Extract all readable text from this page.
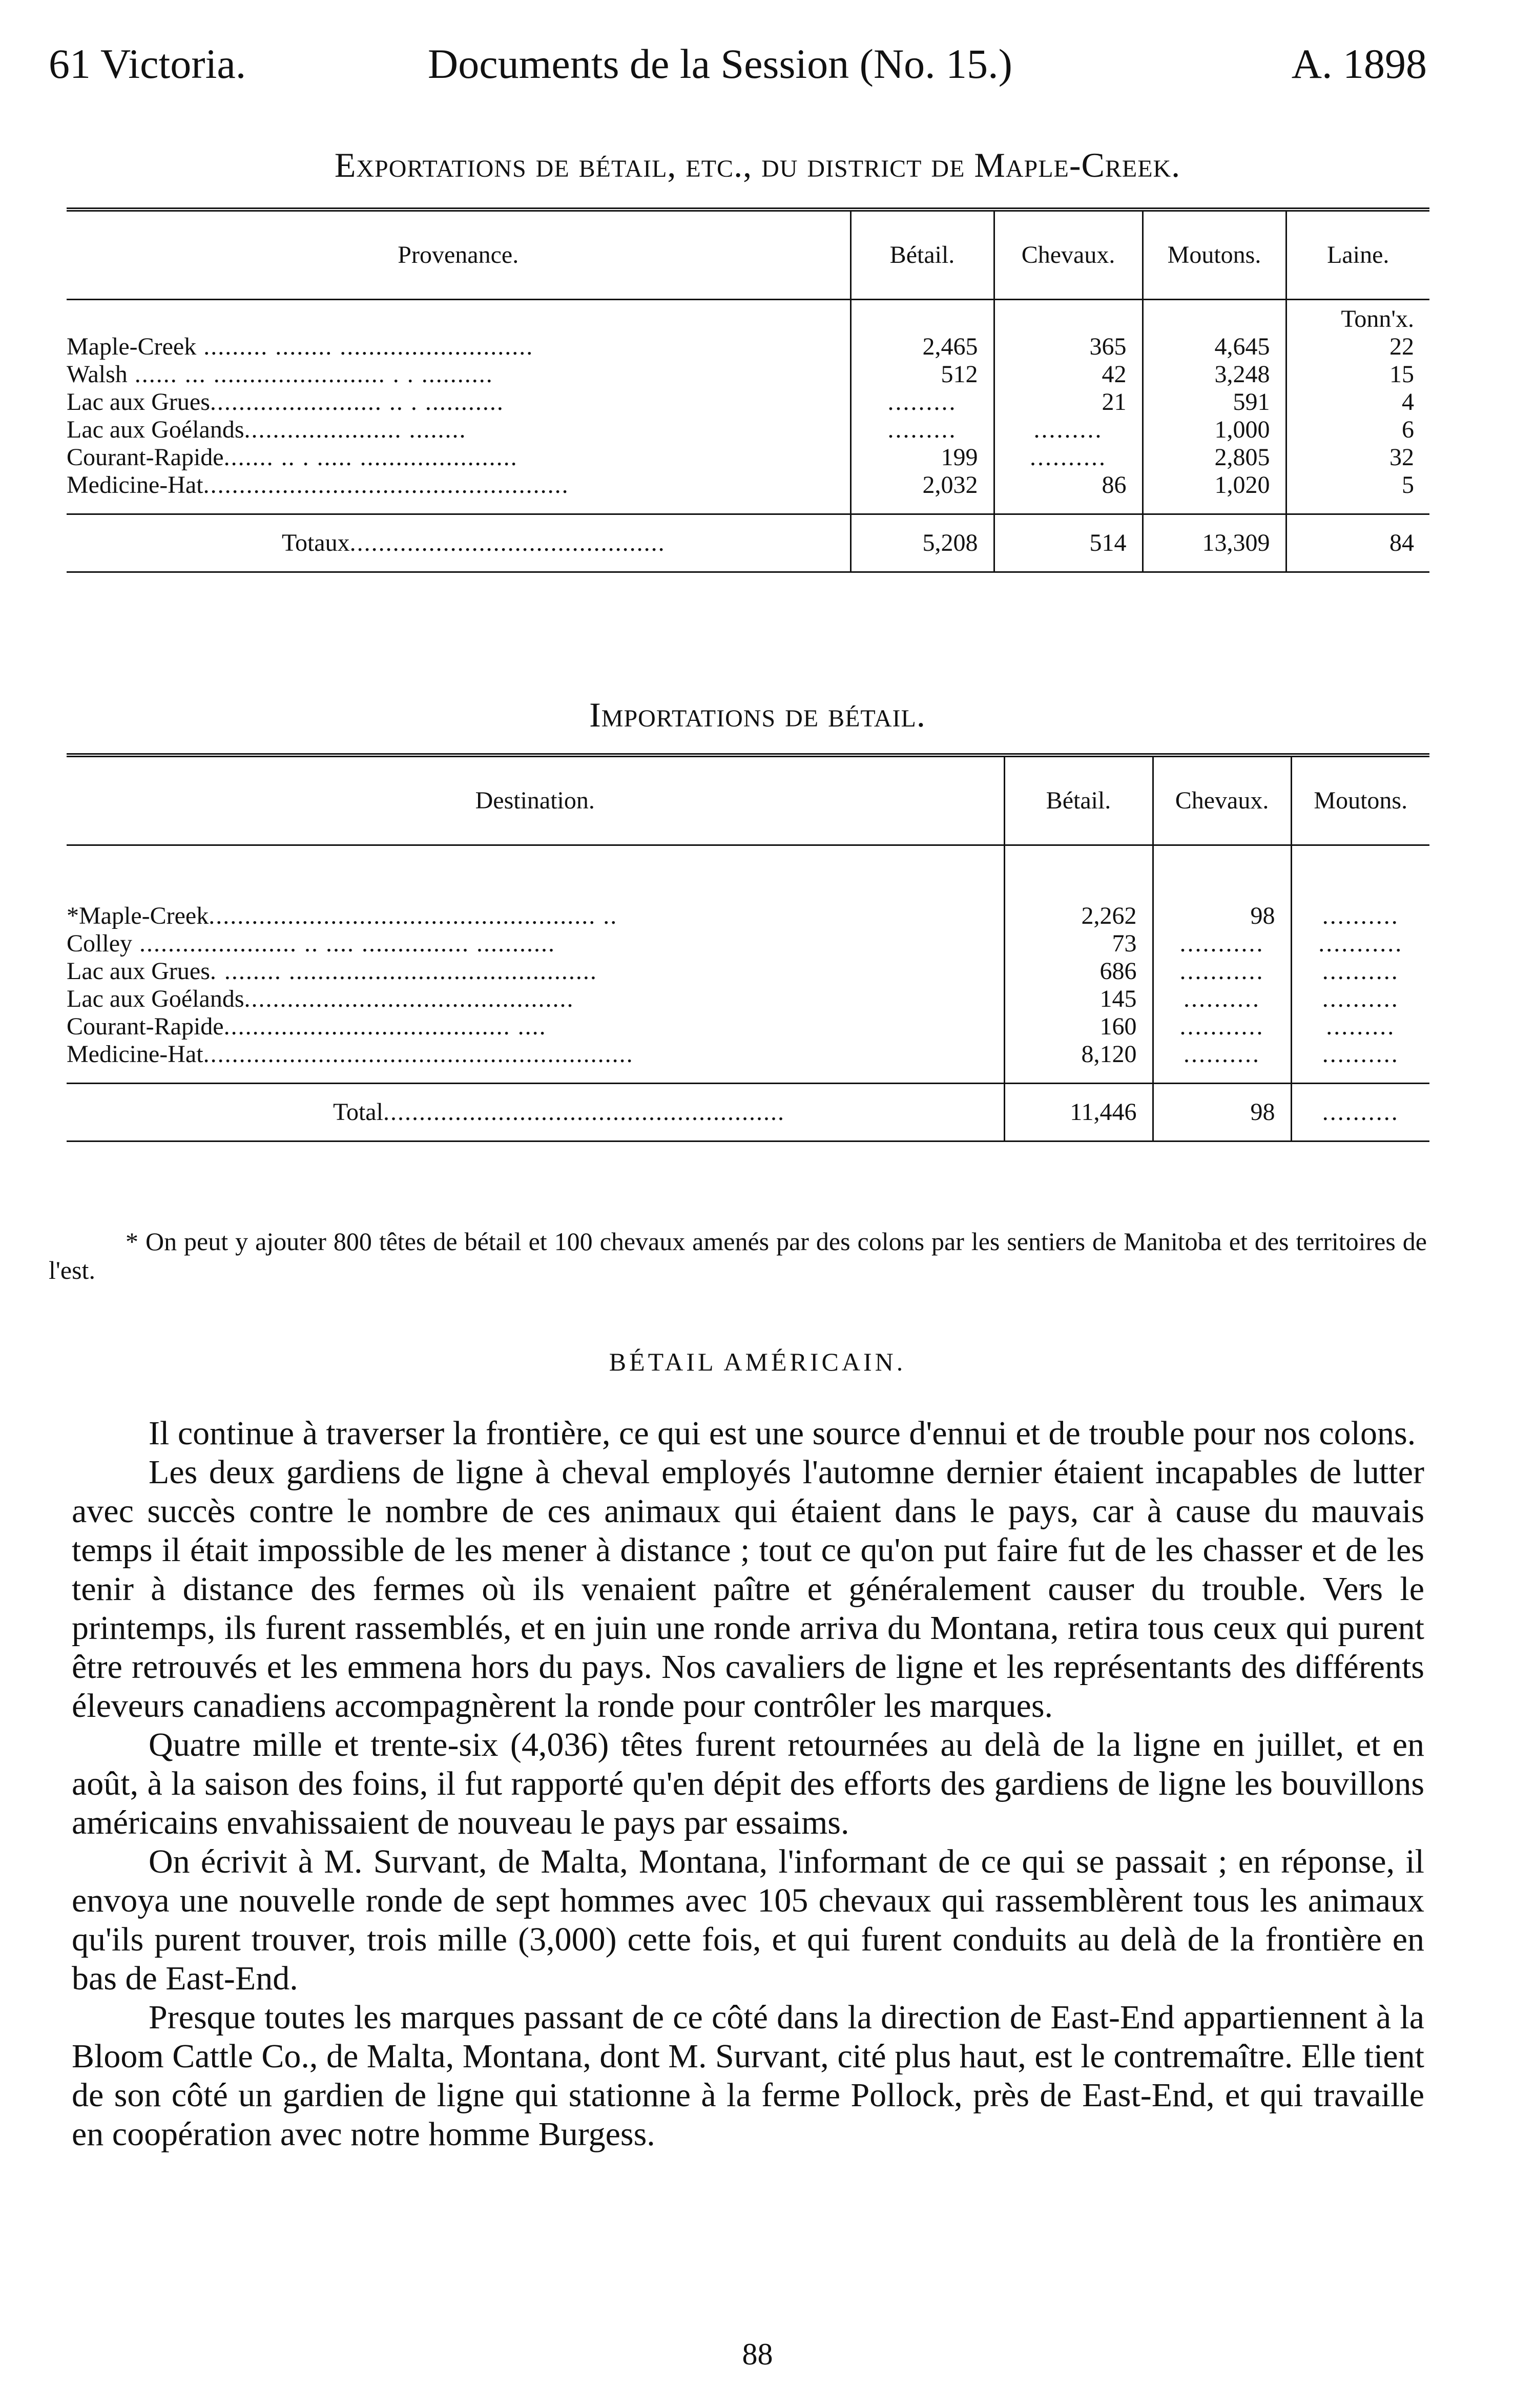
61 Victoria.	Documents de la Session (No. 15.)	A. 1898
Exportations de bétail, etc., du district de Maple-Creek.
Provenance.	Bétail.	Chevaux.	Moutons.	Laine.
				Tonn'x.
Maple-Creek ......... ........ ...........................	2,465	365	4,645	22
Walsh ...... ... ........................ . . ..........	512	42	3,248	15
Lac aux Grues........................ .. . ...........	.........	21	591	4
Lac aux Goélands...................... ........	.........	.........	1,000	6
Courant-Rapide....... .. . ..... ......................	199	..........	2,805	32
Medicine-Hat...................................................	2,032	86	1,020	5

Totaux............................................	5,208	514	13,309	84
Importations de bétail.
Destination.	Bétail.	Chevaux.	Moutons.

*Maple-Creek...................................................... ..	2,262	98	..........
Colley ...................... .. .... ............... ...........	73	...........	...........
Lac aux Grues. ........ ...........................................	686	...........	..........
Lac aux Goélands..............................................	145	..........	..........
Courant-Rapide........................................ ....	160	...........	.........
Medicine-Hat............................................................	8,120	..........	..........

Total........................................................	11,446	98	..........
* On peut y ajouter 800 têtes de bétail et 100 chevaux amenés par des colons par les sentiers de Manitoba et des territoires de l'est.
BÉTAIL AMÉRICAIN.

Il continue à traverser la frontière, ce qui est une source d'ennui et de trouble pour nos colons.

Les deux gardiens de ligne à cheval employés l'automne dernier étaient incapables de lutter avec succès contre le nombre de ces animaux qui étaient dans le pays, car à cause du mauvais temps il était impossible de les mener à distance ; tout ce qu'on put faire fut de les chasser et de les tenir à distance des fermes où ils venaient paître et généralement causer du trouble. Vers le printemps, ils furent rassemblés, et en juin une ronde arriva du Montana, retira tous ceux qui purent être retrouvés et les emmena hors du pays. Nos cavaliers de ligne et les représentants des différents éleveurs canadiens accompagnèrent la ronde pour contrôler les marques.

Quatre mille et trente-six (4,036) têtes furent retournées au delà de la ligne en juillet, et en août, à la saison des foins, il fut rapporté qu'en dépit des efforts des gardiens de ligne les bouvillons américains envahissaient de nouveau le pays par essaims.

On écrivit à M. Survant, de Malta, Montana, l'informant de ce qui se passait ; en réponse, il envoya une nouvelle ronde de sept hommes avec 105 chevaux qui rassemblèrent tous les animaux qu'ils purent trouver, trois mille (3,000) cette fois, et qui furent conduits au delà de la frontière en bas de East-End.

Presque toutes les marques passant de ce côté dans la direction de East-End appartiennent à la Bloom Cattle Co., de Malta, Montana, dont M. Survant, cité plus haut, est le contremaître. Elle tient de son côté un gardien de ligne qui stationne à la ferme Pollock, près de East-End, et qui travaille en coopération avec notre homme Burgess.

88
